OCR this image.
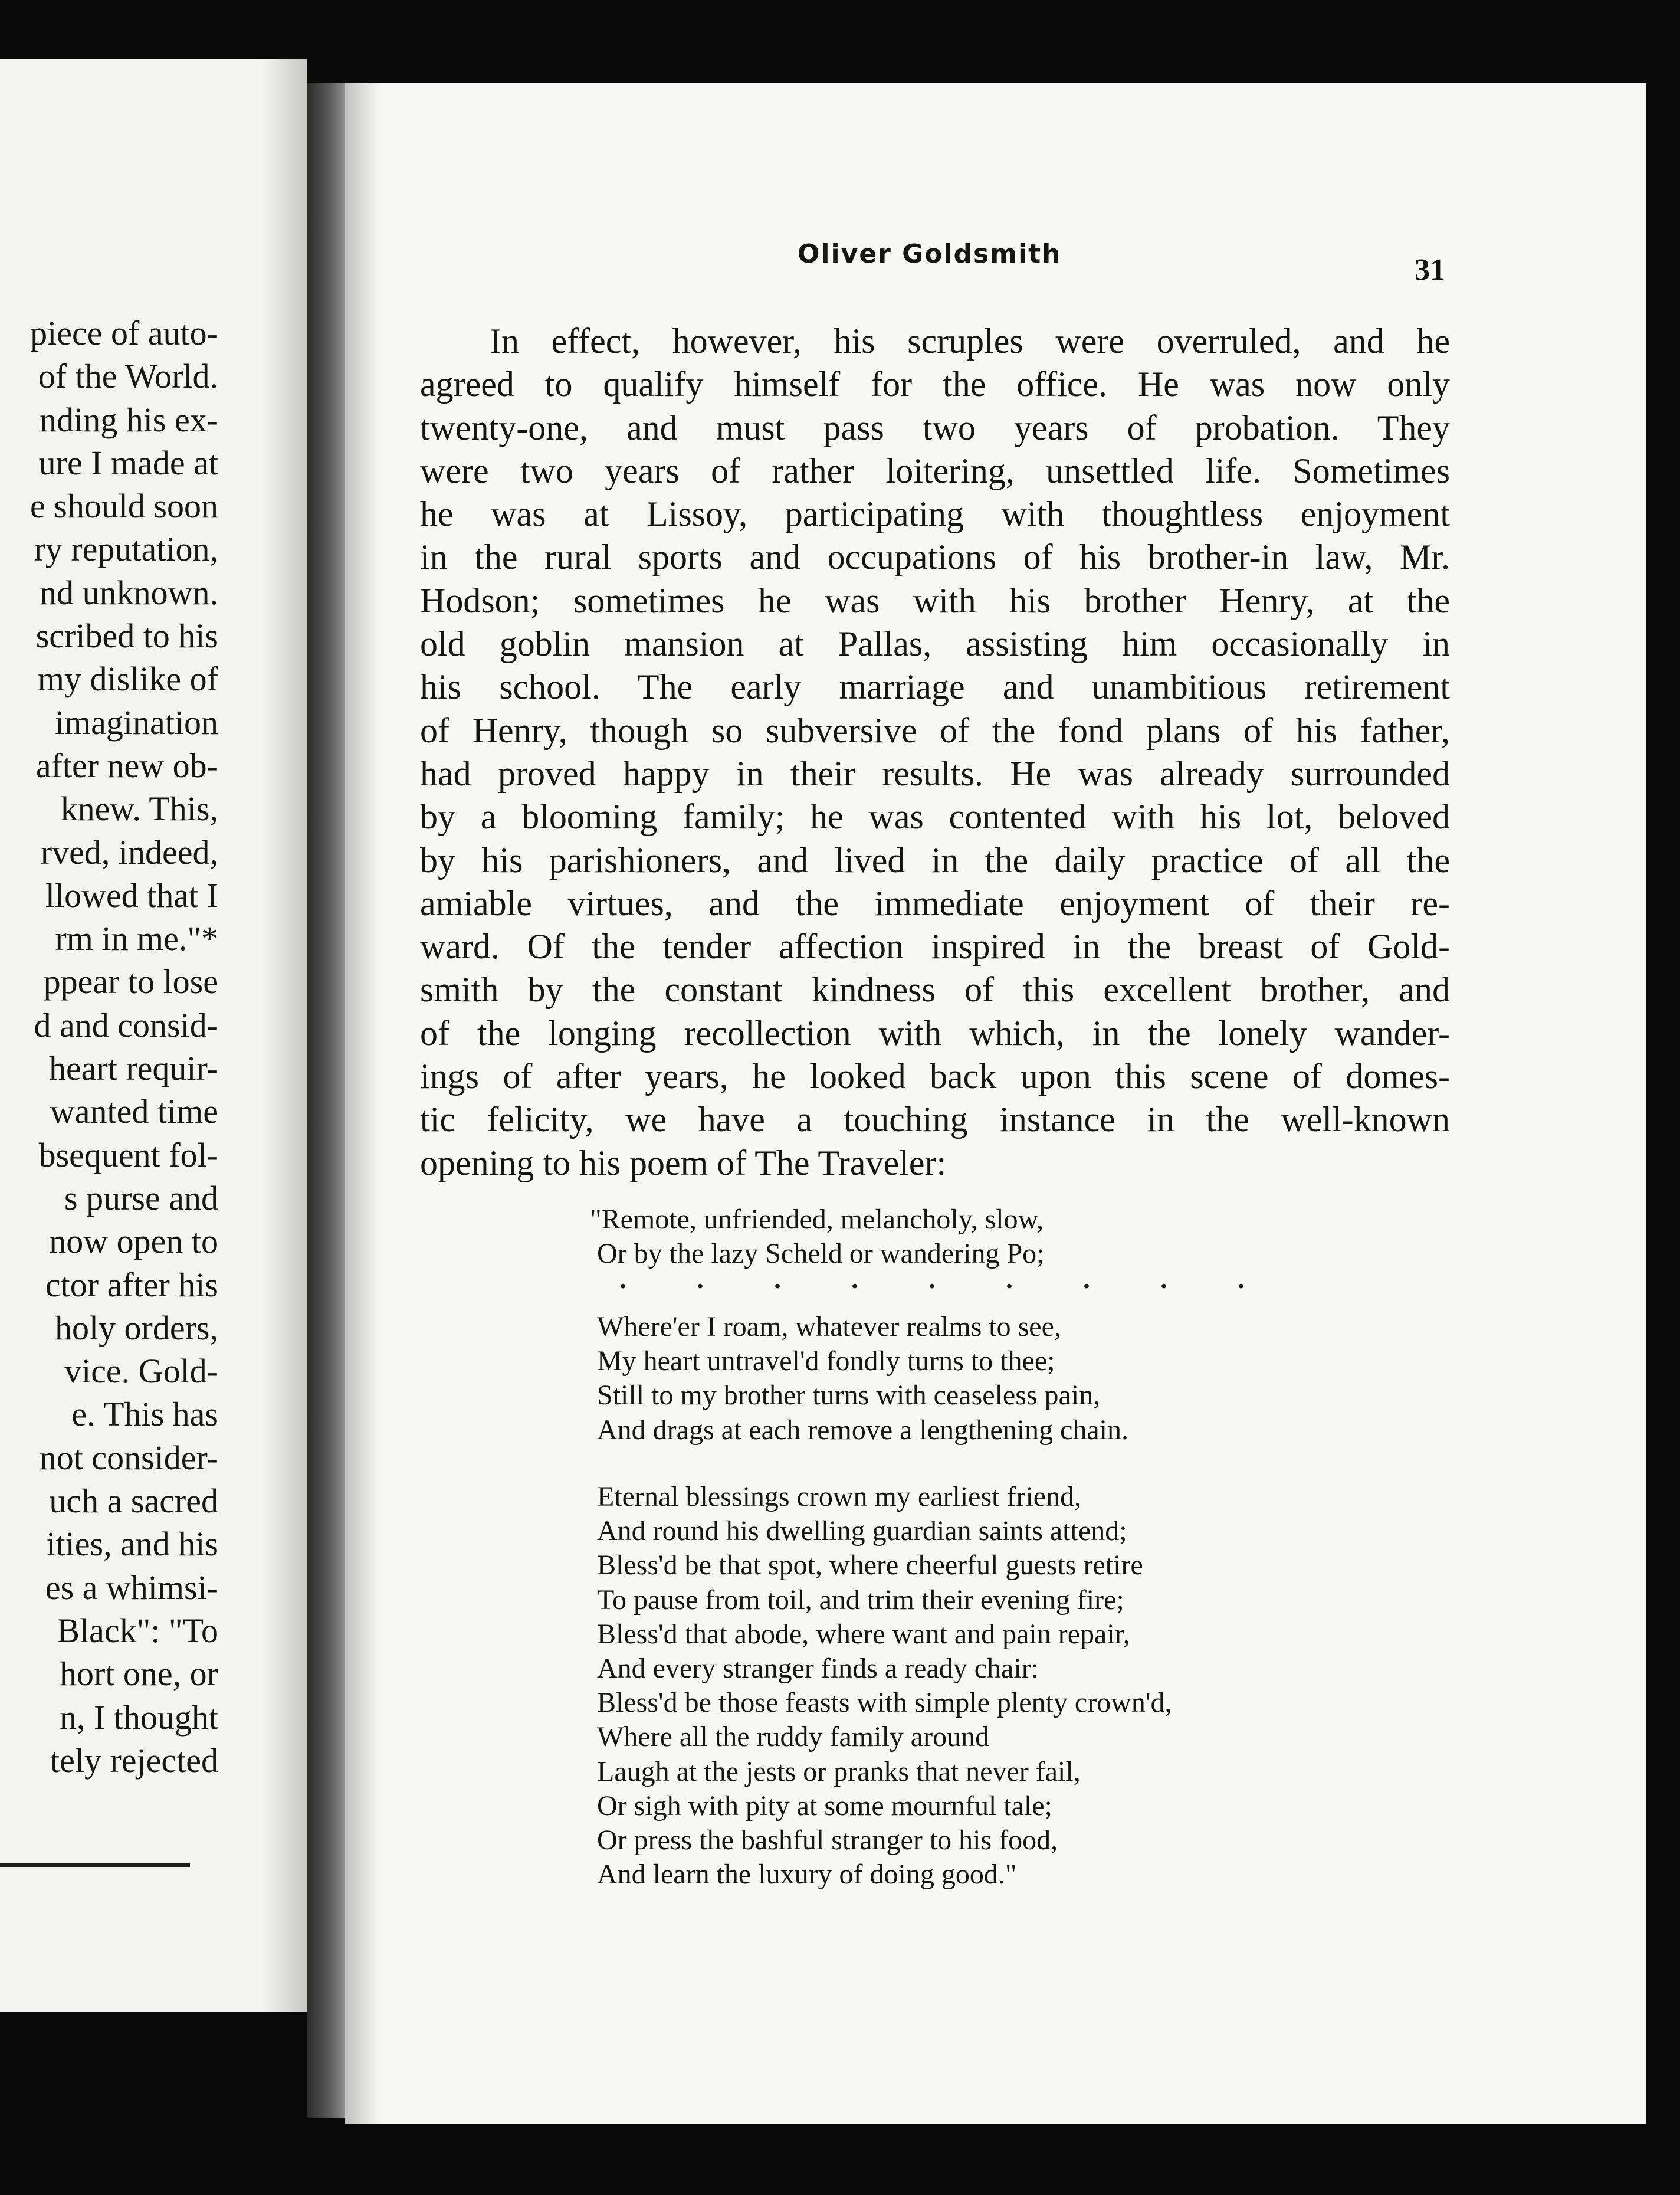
piece of auto-
of the World.
nding his ex-
ure I made at
e should soon
ry reputation,
nd unknown.
scribed to his
my dislike of
imagination
after new ob-
knew. This,
rved, indeed,
llowed that I
rm in me."*
ppear to lose
d and consid-
heart requir-
wanted time
bsequent fol-
s purse and
now open to
ctor after his
holy orders,
vice. Gold-
e. This has
not consider-
uch a sacred
ities, and his
es a whimsi-
Black": "To
hort one, or
n, I thought
tely rejected
Oliver Goldsmith	31
In effect, however, his scruples were overruled, and he
agreed to qualify himself for the office. He was now only
twenty-one, and must pass two years of probation. They
were two years of rather loitering, unsettled life. Sometimes
he was at Lissoy, participating with thoughtless enjoyment
in the rural sports and occupations of his brother-in law, Mr.
Hodson; sometimes he was with his brother Henry, at the
old goblin mansion at Pallas, assisting him occasionally in
his school. The early marriage and unambitious retirement
of Henry, though so subversive of the fond plans of his father,
had proved happy in their results. He was already surrounded
by a blooming family; he was contented with his lot, beloved
by his parishioners, and lived in the daily practice of all the
amiable virtues, and the immediate enjoyment of their re-
ward. Of the tender affection inspired in the breast of Gold-
smith by the constant kindness of this excellent brother, and
of the longing recollection with which, in the lonely wander-
ings of after years, he looked back upon this scene of domes-
tic felicity, we have a touching instance in the well-known
opening to his poem of The Traveler:
"Remote, unfriended, melancholy, slow,
Or by the lazy Scheld or wandering Po;
. . . . . . . . .
Where'er I roam, whatever realms to see,
My heart untravel'd fondly turns to thee;
Still to my brother turns with ceaseless pain,
And drags at each remove a lengthening chain.
Eternal blessings crown my earliest friend,
And round his dwelling guardian saints attend;
Bless'd be that spot, where cheerful guests retire
To pause from toil, and trim their evening fire;
Bless'd that abode, where want and pain repair,
And every stranger finds a ready chair:
Bless'd be those feasts with simple plenty crown'd,
Where all the ruddy family around
Laugh at the jests or pranks that never fail,
Or sigh with pity at some mournful tale;
Or press the bashful stranger to his food,
And learn the luxury of doing good."
